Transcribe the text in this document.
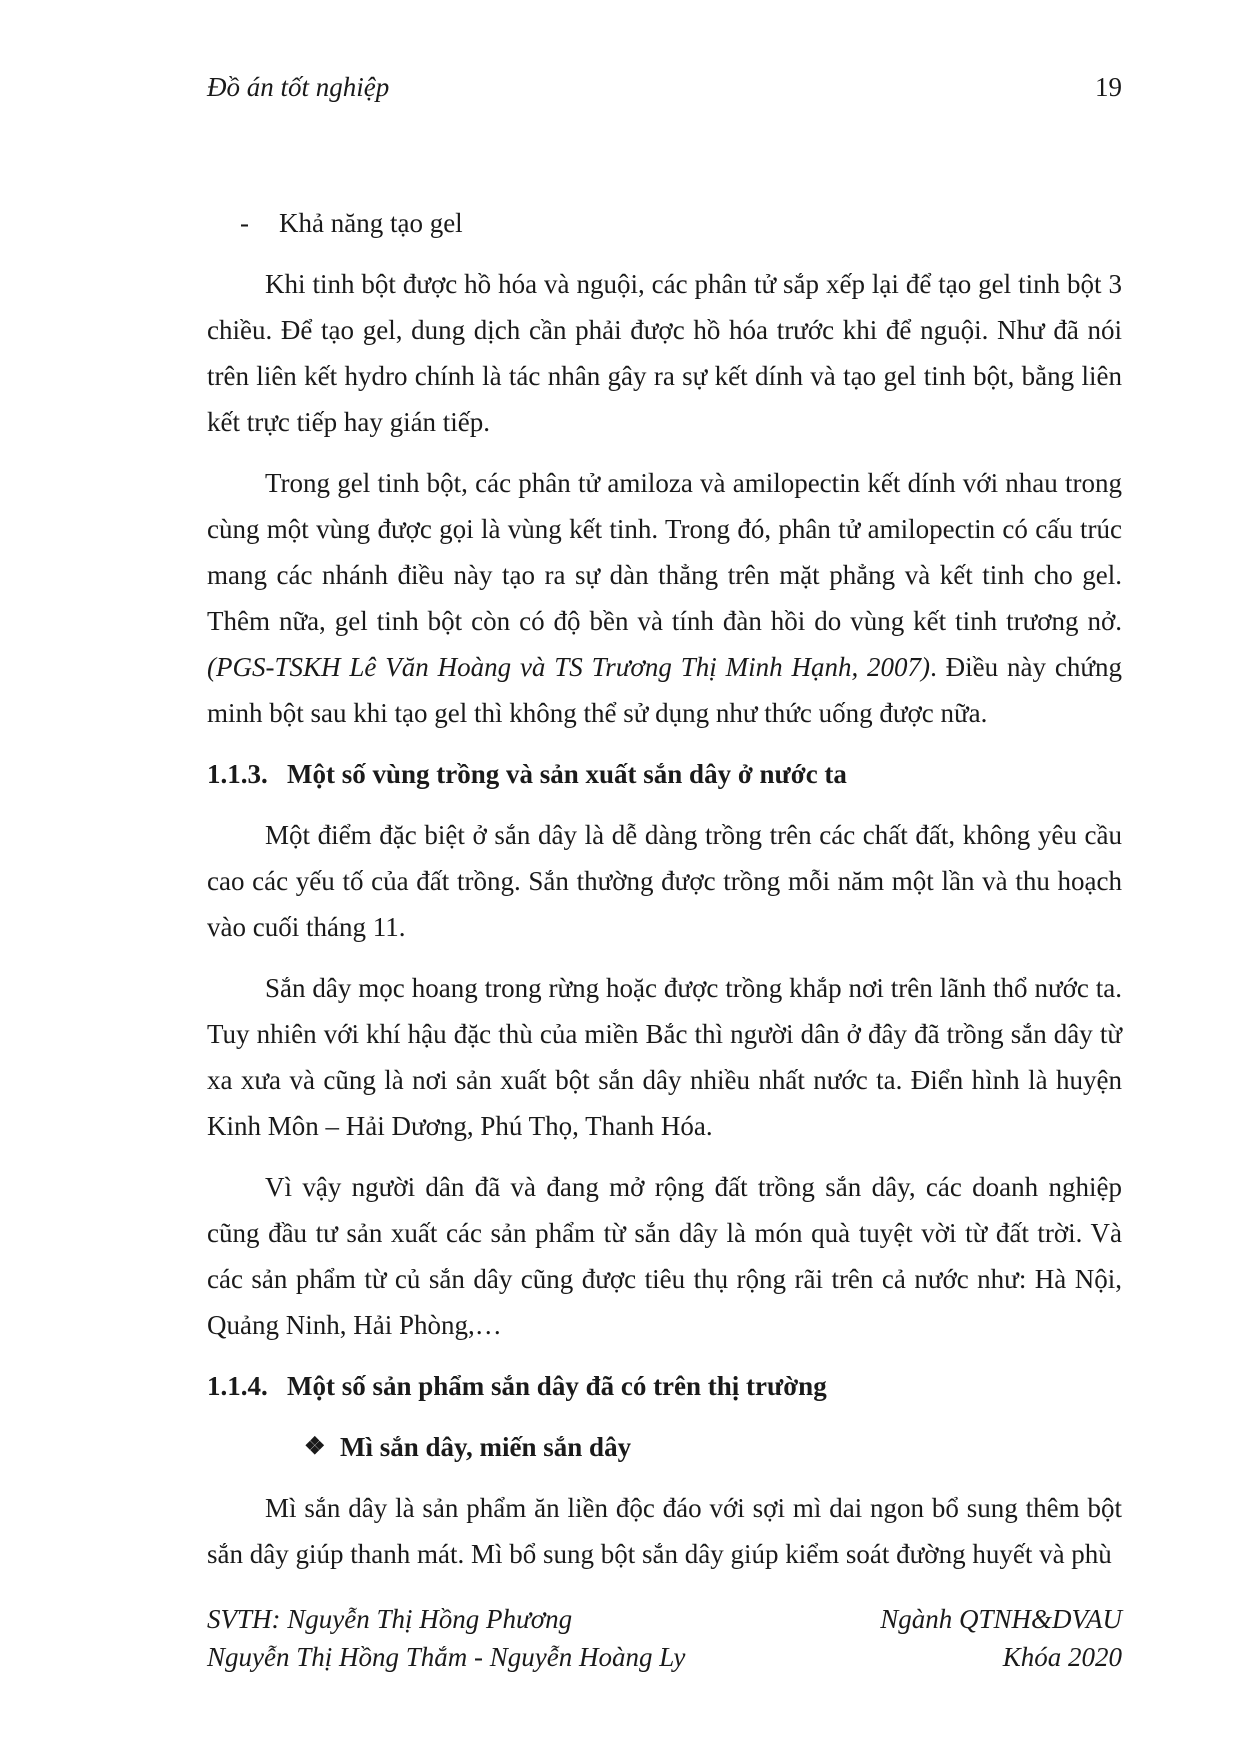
Đồ án tốt nghiệp	19
- Khả năng tạo gel

Khi tinh bột được hồ hóa và nguội, các phân tử sắp xếp lại để tạo gel tinh bột 3 chiều. Để tạo gel, dung dịch cần phải được hồ hóa trước khi để nguội. Như đã nói trên liên kết hydro chính là tác nhân gây ra sự kết dính và tạo gel tinh bột, bằng liên kết trực tiếp hay gián tiếp.

Trong gel tinh bột, các phân tử amiloza và amilopectin kết dính với nhau trong cùng một vùng được gọi là vùng kết tinh. Trong đó, phân tử amilopectin có cấu trúc mang các nhánh điều này tạo ra sự dàn thẳng trên mặt phẳng và kết tinh cho gel. Thêm nữa, gel tinh bột còn có độ bền và tính đàn hồi do vùng kết tinh trương nở. (PGS-TSKH Lê Văn Hoàng và TS Trương Thị Minh Hạnh, 2007). Điều này chứng minh bột sau khi tạo gel thì không thể sử dụng như thức uống được nữa.

1.1.3. Một số vùng trồng và sản xuất sắn dây ở nước ta

Một điểm đặc biệt ở sắn dây là dễ dàng trồng trên các chất đất, không yêu cầu cao các yếu tố của đất trồng. Sắn thường được trồng mỗi năm một lần và thu hoạch vào cuối tháng 11.

Sắn dây mọc hoang trong rừng hoặc được trồng khắp nơi trên lãnh thổ nước ta. Tuy nhiên với khí hậu đặc thù của miền Bắc thì người dân ở đây đã trồng sắn dây từ xa xưa và cũng là nơi sản xuất bột sắn dây nhiều nhất nước ta. Điển hình là huyện Kinh Môn – Hải Dương, Phú Thọ, Thanh Hóa.

Vì vậy người dân đã và đang mở rộng đất trồng sắn dây, các doanh nghiệp cũng đầu tư sản xuất các sản phẩm từ sắn dây là món quà tuyệt vời từ đất trời. Và các sản phẩm từ củ sắn dây cũng được tiêu thụ rộng rãi trên cả nước như: Hà Nội, Quảng Ninh, Hải Phòng,…

1.1.4. Một số sản phẩm sắn dây đã có trên thị trường
❖ Mì sắn dây, miến sắn dây

Mì sắn dây là sản phẩm ăn liền độc đáo với sợi mì dai ngon bổ sung thêm bột sắn dây giúp thanh mát. Mì bổ sung bột sắn dây giúp kiểm soát đường huyết và phù

SVTH: Nguyễn Thị Hồng Phương
Nguyễn Thị Hồng Thắm - Nguyễn Hoàng Ly
Ngành QTNH&DVAU
Khóa 2020
